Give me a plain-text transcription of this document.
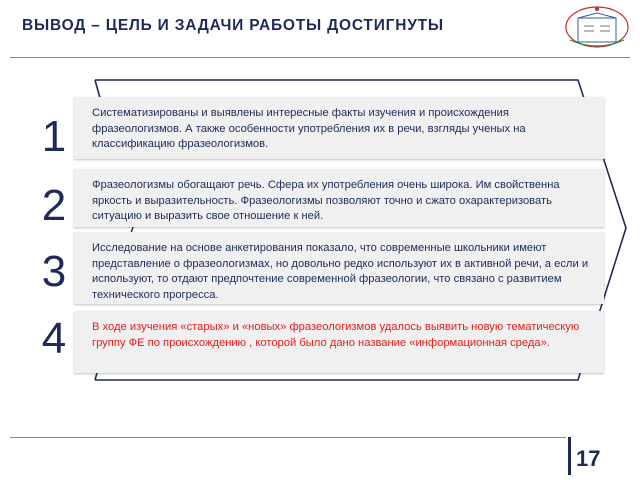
ВЫВОД – ЦЕЛЬ И ЗАДАЧИ РАБОТЫ ДОСТИГНУТЫ
1	Систематизированы и выявлены интересные факты изучения и происхождения фразеологизмов. А также особенности употребления их в речи, взгляды ученых на классификацию фразеологизмов.
2	Фразеологизмы обогащают речь. Сфера их употребления очень широка. Им свойственна яркость и выразительность. Фразеологизмы позволяют точно и сжато охарактеризовать ситуацию и выразить свое отношение к ней.
3	Исследование на основе анкетирования показало, что современные школьники имеют представление о фразеологизмах, но довольно редко используют их в активной речи, а если и используют, то отдают предпочтение современной фразеологии, что связано с развитием технического прогресса.
4	В ходе изучения «старых» и «новых» фразеологизмов удалось выявить новую тематическую группу ФЕ по происхождению , которой было дано название «информационная среда».
17
